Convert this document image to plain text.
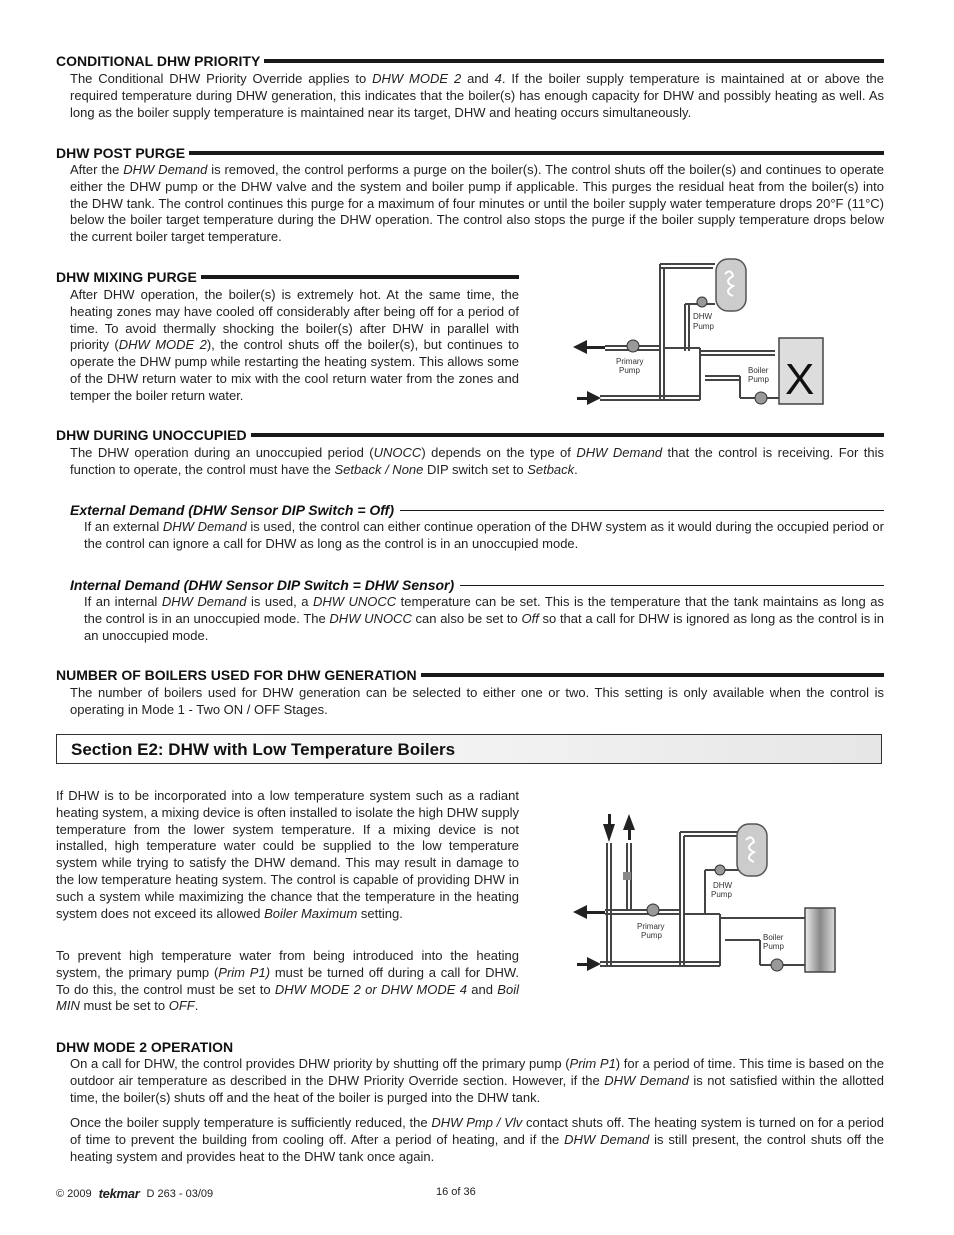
CONDITIONAL DHW PRIORITY
The Conditional DHW Priority Override applies to DHW MODE 2 and 4. If the boiler supply temperature is maintained at or above the required temperature during DHW generation, this indicates that the boiler(s) has enough capacity for DHW and possibly heating as well. As long as the boiler supply temperature is maintained near its target, DHW and heating occurs simultaneously.
DHW POST PURGE
After the DHW Demand is removed, the control performs a purge on the boiler(s). The control shuts off the boiler(s) and continues to operate either the DHW pump or the DHW valve and the system and boiler pump if applicable. This purges the residual heat from the boiler(s) into the DHW tank. The control continues this purge for a maximum of four minutes or until the boiler supply water temperature drops 20°F (11°C) below the boiler target temperature during the DHW operation. The control also stops the purge if the boiler supply temperature drops below the current boiler target temperature.
DHW MIXING PURGE
After DHW operation, the boiler(s) is extremely hot. At the same time, the heating zones may have cooled off considerably after being off for a period of time. To avoid thermally shocking the boiler(s) after DHW in parallel with priority (DHW MODE 2), the control shuts off the boiler(s), but continues to operate the DHW pump while restarting the heating system. This allows some of the DHW return water to mix with the cool return water from the zones and temper the boiler return water.
DHW
Pump
Primary
Pump	Boiler
Pump X
DHW DURING UNOCCUPIED
The DHW operation during an unoccupied period (UNOCC) depends on the type of DHW Demand that the control is receiving. For this function to operate, the control must have the Setback / None DIP switch set to Setback.
External Demand (DHW Sensor DIP Switch = Off)
If an external DHW Demand is used, the control can either continue operation of the DHW system as it would during the occupied period or the control can ignore a call for DHW as long as the control is in an unoccupied mode.
Internal Demand (DHW Sensor DIP Switch = DHW Sensor)
If an internal DHW Demand is used, a DHW UNOCC temperature can be set. This is the temperature that the tank maintains as long as the control is in an unoccupied mode. The DHW UNOCC can also be set to Off so that a call for DHW is ignored as long as the control is in an unoccupied mode.
NUMBER OF BOILERS USED FOR DHW GENERATION
The number of boilers used for DHW generation can be selected to either one or two. This setting is only available when the control is operating in Mode 1 - Two ON / OFF Stages.
Section E2: DHW with Low Temperature Boilers
If DHW is to be incorporated into a low temperature system such as a radiant heating system, a mixing device is often installed to isolate the high DHW supply temperature from the lower system temperature. If a mixing device is not installed, high temperature water could be supplied to the low temperature system while trying to satisfy the DHW demand. This may result in damage to the low temperature heating system. The control is capable of providing DHW in such a system while maximizing the chance that the temperature in the heating system does not exceed its allowed Boiler Maximum setting.
To prevent high temperature water from being introduced into the heating system, the primary pump (Prim P1) must be turned off during a call for DHW. To do this, the control must be set to DHW MODE 2 or DHW MODE 4 and Boil MIN must be set to OFF.
DHW
Pump
Primary
Pump	Boiler
Pump
DHW MODE 2 OPERATION
On a call for DHW, the control provides DHW priority by shutting off the primary pump (Prim P1) for a period of time. This time is based on the outdoor air temperature as described in the DHW Priority Override section. However, if the DHW Demand is not satisfied within the allotted time, the boiler(s) shuts off and the heat of the boiler is purged into the DHW tank.
Once the boiler supply temperature is sufficiently reduced, the DHW Pmp / Vlv contact shuts off. The heating system is turned on for a period of time to prevent the building from cooling off. After a period of heating, and if the DHW Demand is still present, the control shuts off the heating system and provides heat to the DHW tank once again.
© 2009 tekmar D 263 - 03/09	16 of 36
